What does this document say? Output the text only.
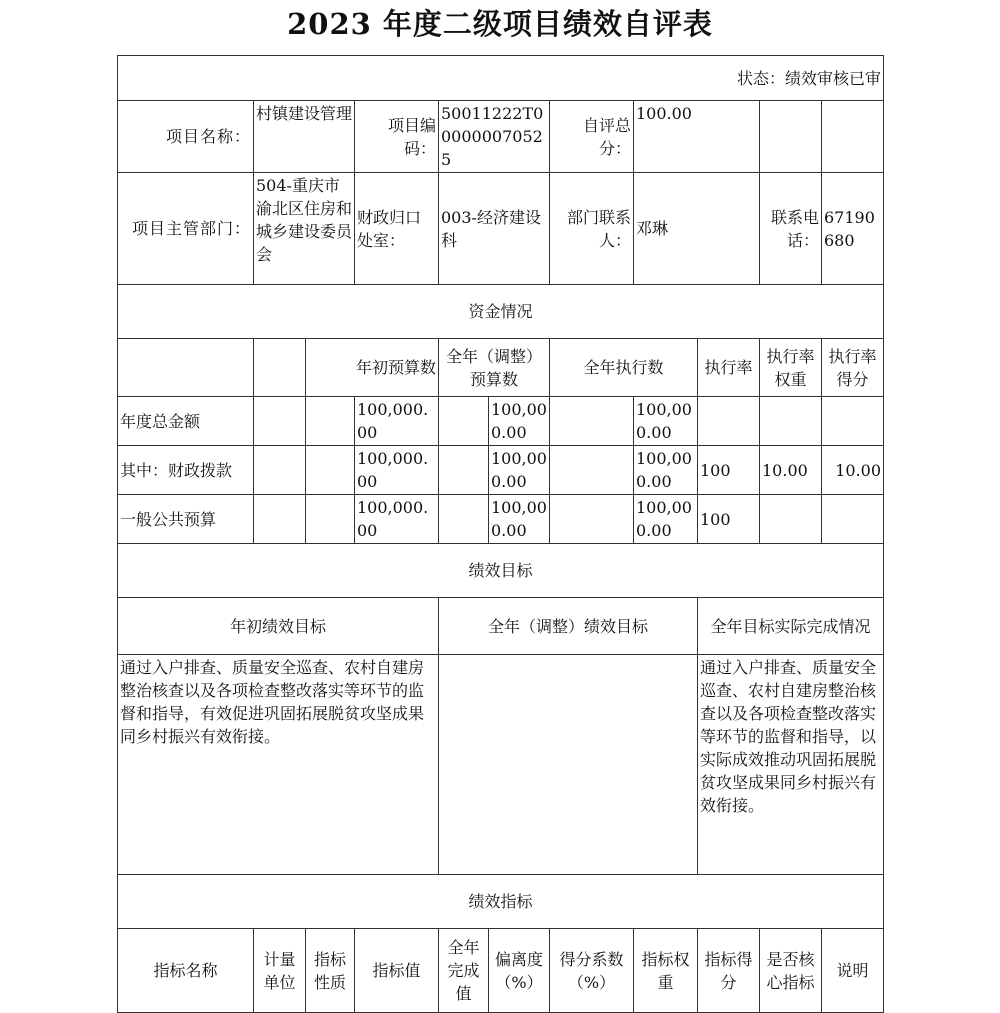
2023 年度二级项目绩效自评表
状态：绩效审核已审										
项目名称：	村镇建设管理		项目编码：	50011222T000000070525		自评总分：	100.00			
项目主管部门：	504-重庆市渝北区住房和城乡建设委员会		财政归口处室：	003-经济建设科		部门联系人：	邓琳		联系电话：	67190680
资金情况										
		年初预算数		全年（调整）预算数		全年执行数		执行率	执行率权重	执行率得分
年度总金额			100,000.00		100,000.00		100,000.00			
其中：财政拨款			100,000.00		100,000.00		100,000.00	100	10.00	10.00
一般公共预算			100,000.00		100,000.00		100,000.00	100		
绩效目标										
年初绩效目标				全年（调整）绩效目标				全年目标实际完成情况		
通过入户排查、质量安全巡查、农村自建房整治核查以及各项检查整改落实等环节的监督和指导，有效促进巩固拓展脱贫攻坚成果同乡村振兴有效衔接。								通过入户排查、质量安全巡查、农村自建房整治核查以及各项检查整改落实等环节的监督和指导，以实际成效推动巩固拓展脱贫攻坚成果同乡村振兴有效衔接。		
绩效指标										
指标名称	计量单位	指标性质	指标值	全年完成值	偏离度（%）	得分系数（%）	指标权重	指标得分	是否核心指标	说明
